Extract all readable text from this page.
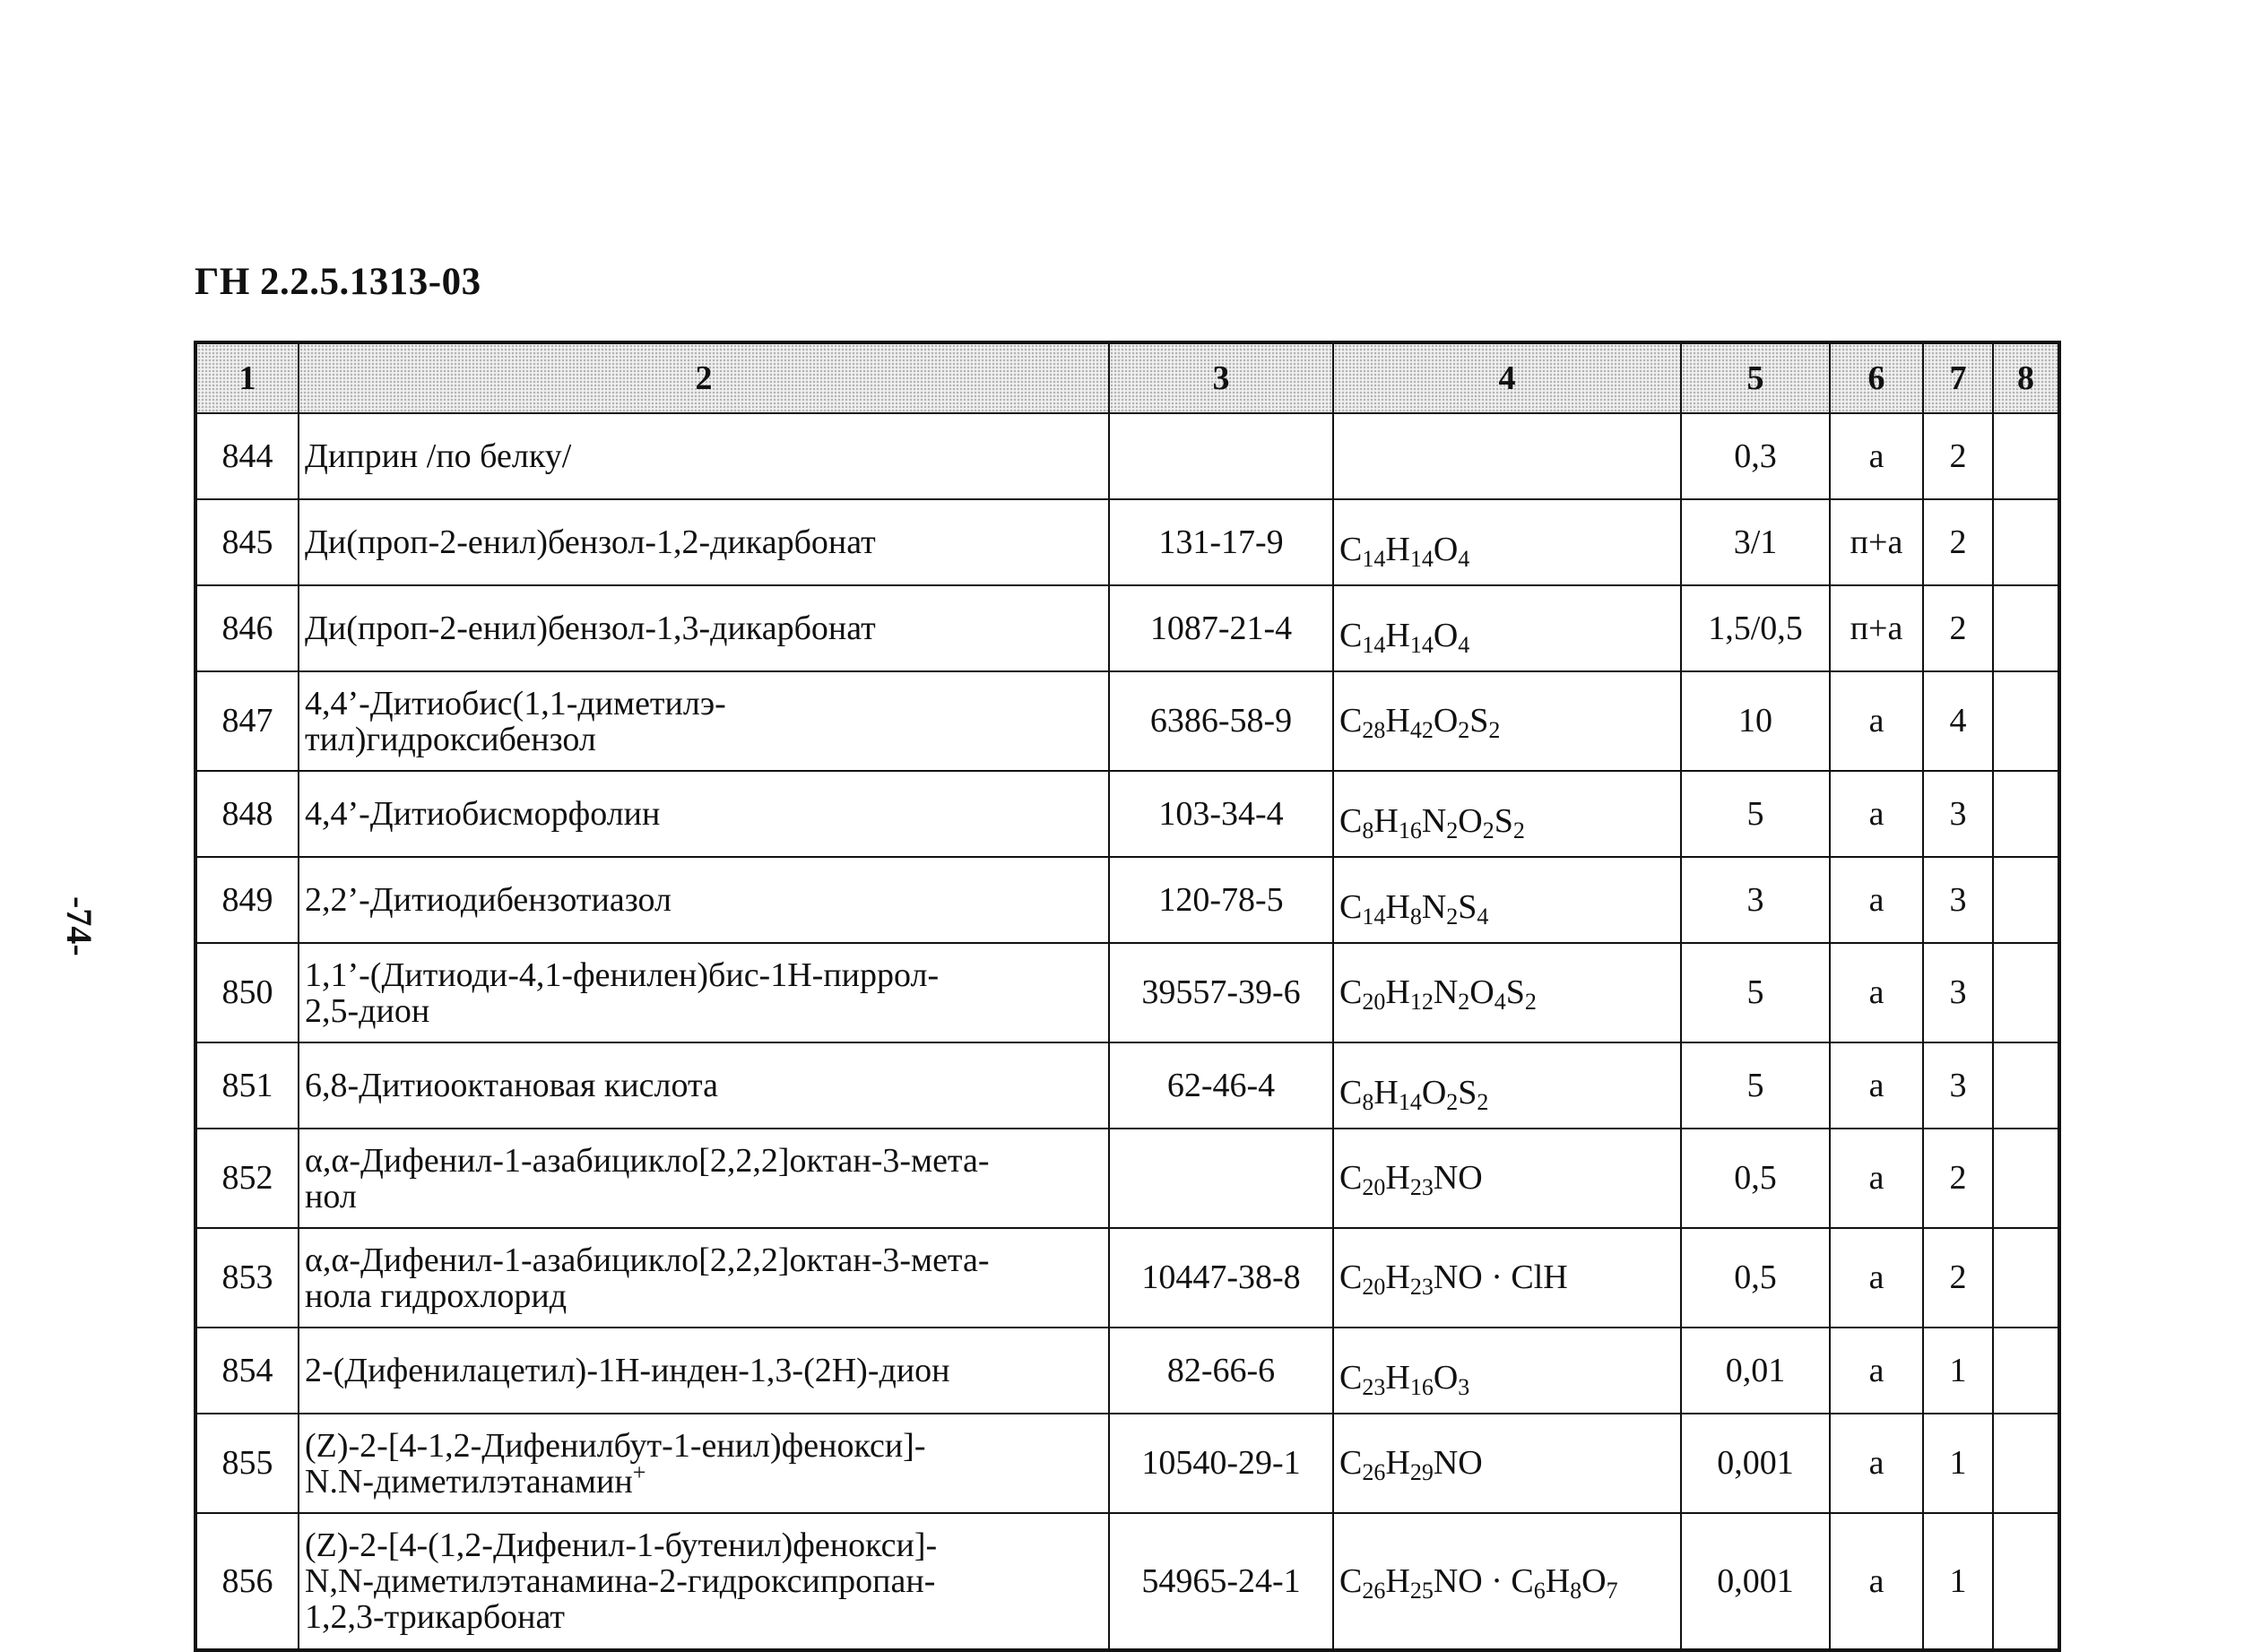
ГН 2.2.5.1313-03
-74-
1	2	3	4	5	6	7	8
844	Диприн /по белку/			0,3	а	2	
845	Ди(проп-2-енил)бензол-1,2-дикарбонат	131-17-9	$C_{14}H_{14}O_4$	3/1	п+а	2	
846	Ди(проп-2-енил)бензол-1,3-дикарбонат	1087-21-4	$C_{14}H_{14}O_4$	1,5/0,5	п+а	2	
847	4,4’-Дитиобис(1,1-диметилэ-
тил)гидроксибензол	6386-58-9	$C_{28}H_{42}O_2S_2$	10	а	4	
848	4,4’-Дитиобисморфолин	103-34-4	$C_8H_{16}N_2O_2S_2$	5	а	3	
849	2,2’-Дитиодибензотиазол	120-78-5	$C_{14}H_8N_2S_4$	3	а	3	
850	1,1’-(Дитиоди-4,1-фенилен)бис-1Н-пиррол-
2,5-дион	39557-39-6	$C_{20}H_{12}N_2O_4S_2$	5	а	3	
851	6,8-Дитиооктановая кислота	62-46-4	$C_8H_{14}O_2S_2$	5	а	3	
852	α,α-Дифенил-1-азабицикло[2,2,2]октан-3-мета-
нол		$C_{20}H_{23}NO$	0,5	а	2	
853	α,α-Дифенил-1-азабицикло[2,2,2]октан-3-мета-
нола гидрохлорид	10447-38-8	$C_{20}H_{23}NO$ · ClH	0,5	а	2	
854	2-(Дифенилацетил)-1Н-инден-1,3-(2Н)-дион	82-66-6	$C_{23}H_{16}O_3$	0,01	а	1	
855	(Z)-2-[4-1,2-Дифенилбут-1-енил)фенокси]-
N.N-диметилэтанамин+	10540-29-1	$C_{26}H_{29}NO$	0,001	а	1	
856	(Z)-2-[4-(1,2-Дифенил-1-бутенил)фенокси]-
N,N-диметилэтанамина-2-гидроксипропан-
1,2,3-трикарбонат	54965-24-1	$C_{26}H_{25}NO \cdot C_6H_8O_7$	0,001	а	1	
